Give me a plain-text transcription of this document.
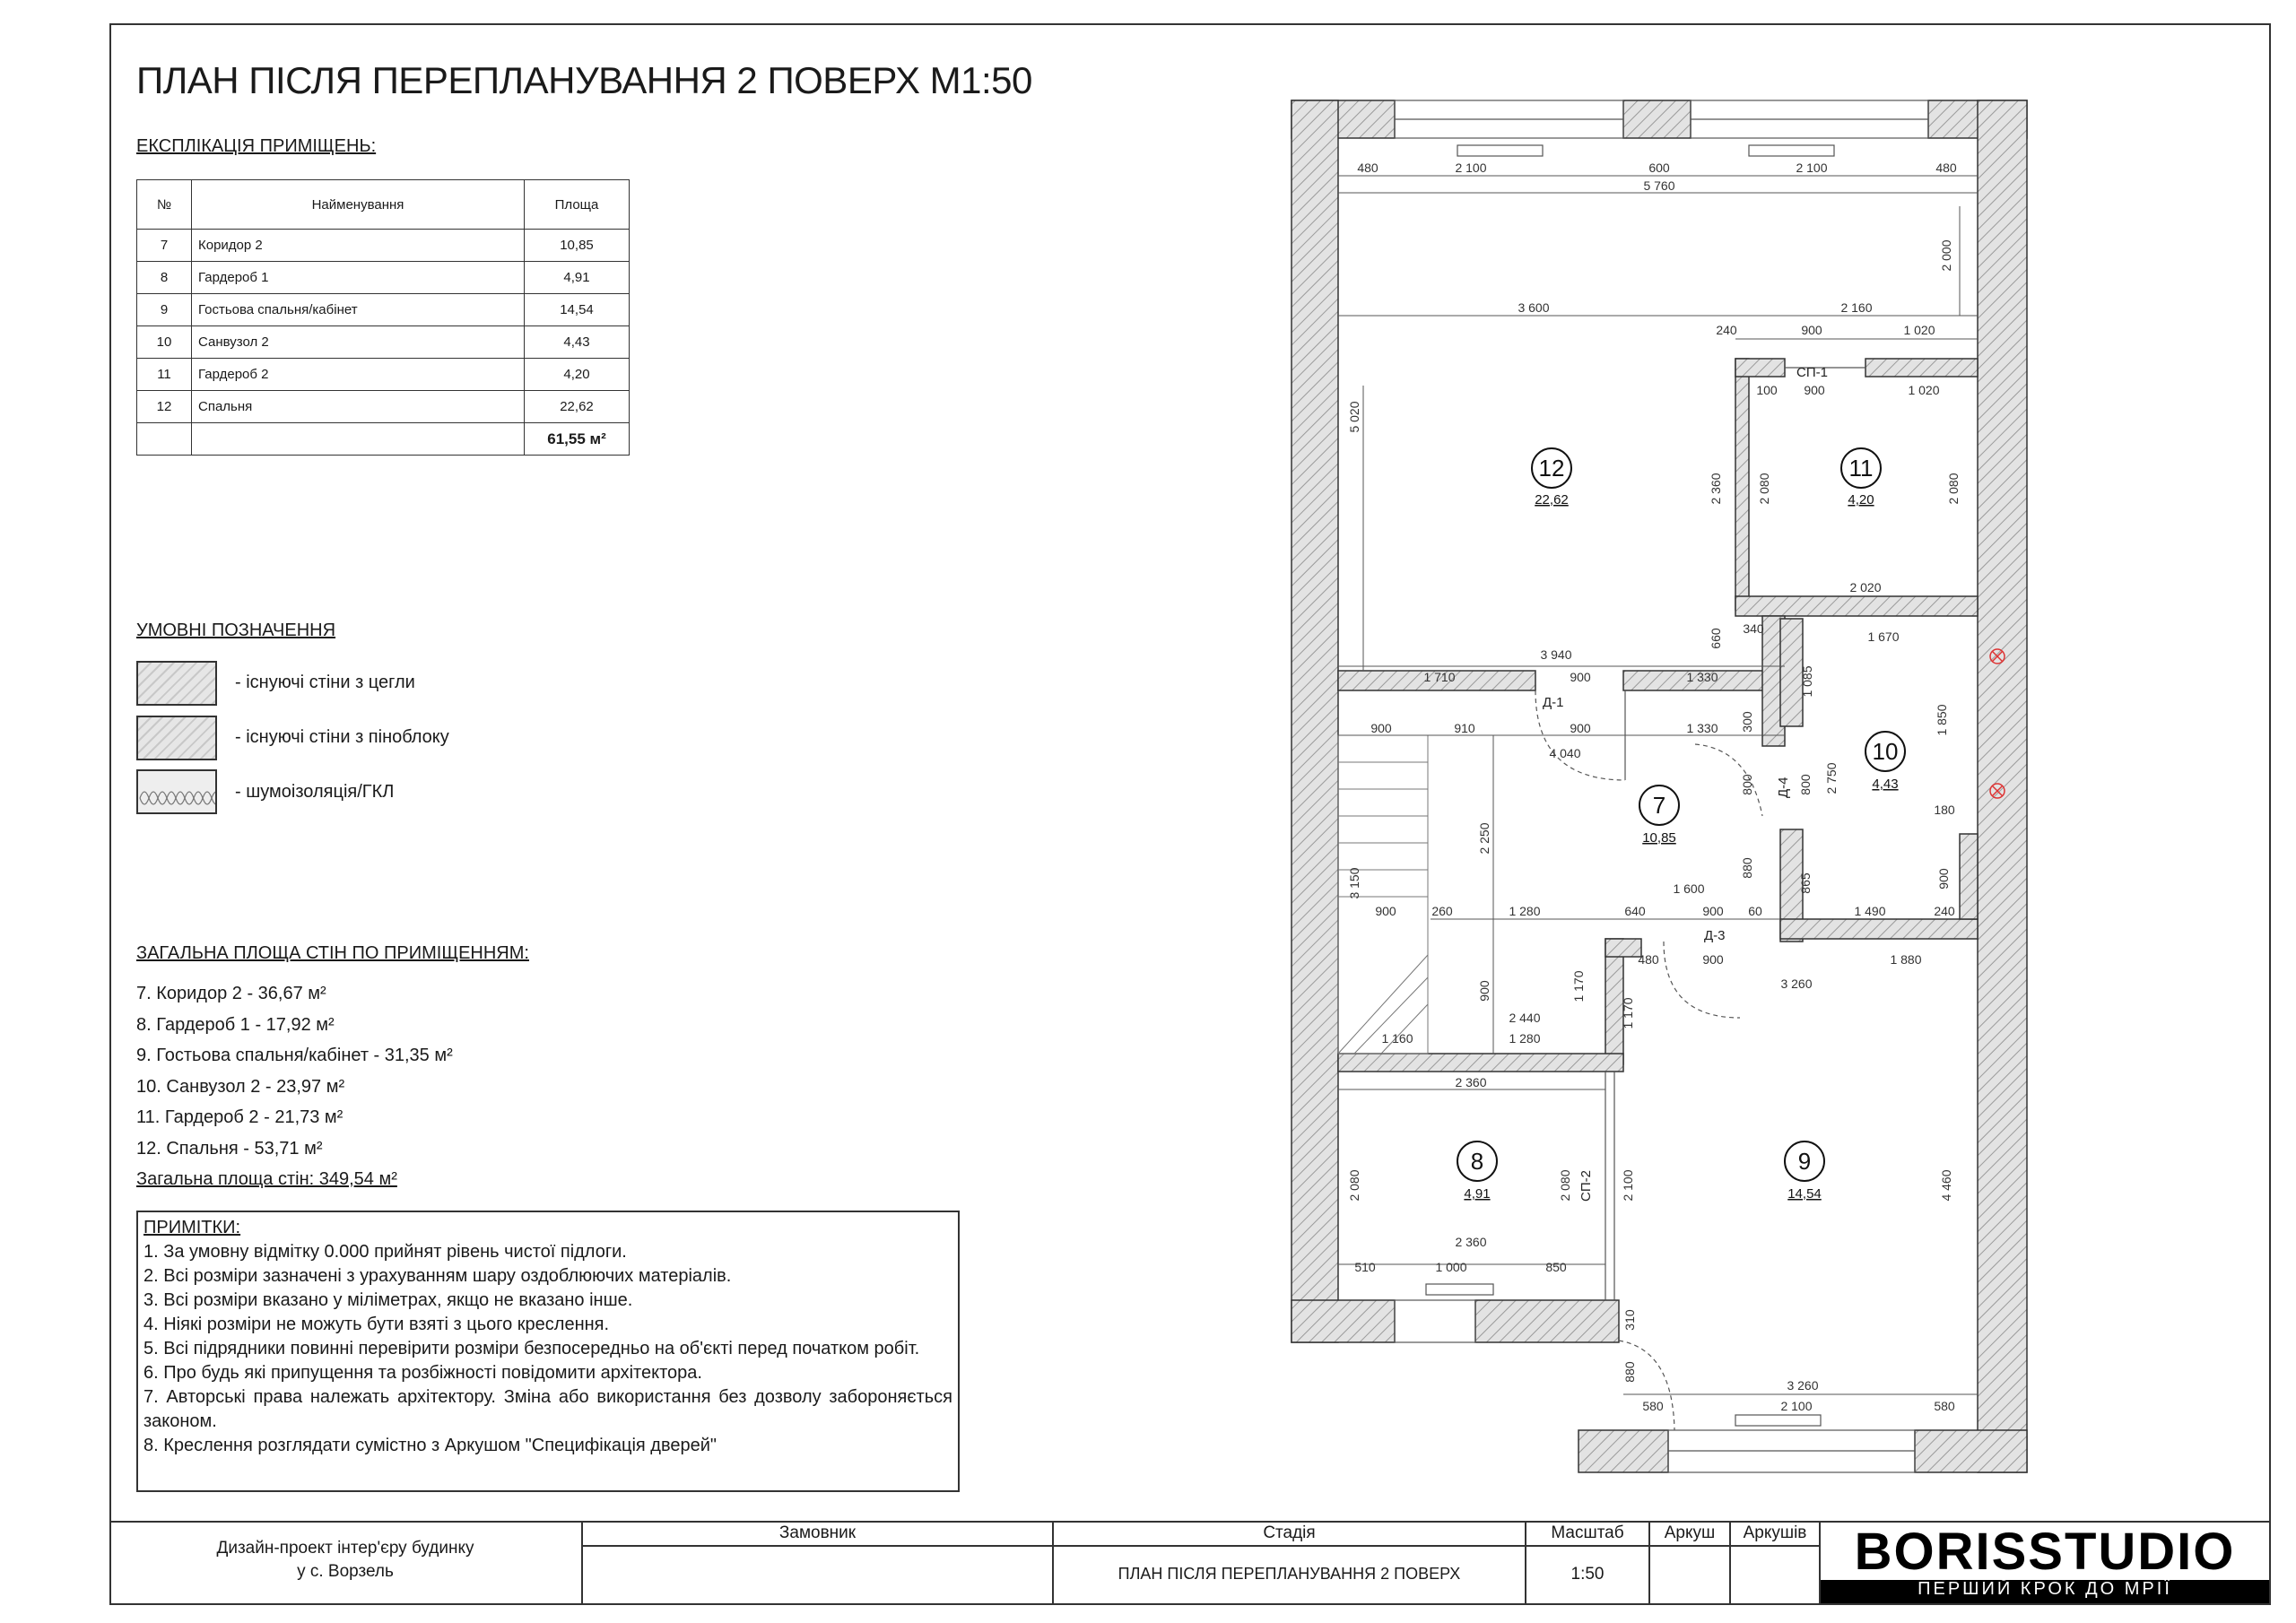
ПЛАН ПІСЛЯ ПЕРЕПЛАНУВАННЯ 2 ПОВЕРХ М1:50
ЕКСПЛІКАЦІЯ ПРИМІЩЕНЬ:
№	Найменування	Площа
7	Коридор 2	10,85
8	Гардероб 1	4,91
9	Гостьова спальня/кабінет	14,54
10	Санвузол 2	4,43
11	Гардероб 2	4,20
12	Спальня	22,62
		61,55 м²
УМОВНІ ПОЗНАЧЕННЯ
- існуючі стіни з цегли
- існуючі стіни з піноблоку
- шумоізоляція/ГКЛ
ЗАГАЛЬНА ПЛОЩА СТІН ПО ПРИМІЩЕННЯМ:
7. Коридор 2 - 36,67 м²
8. Гардероб 1 - 17,92 м²
9. Гостьова спальня/кабінет - 31,35 м²
10. Санвузол 2 - 23,97 м²
11. Гардероб 2 - 21,73 м²
12. Спальня - 53,71 м²
Загальна площа стін: 349,54 м²
ПРИМІТКИ:
1. За умовну відмітку 0.000 прийнят рівень чистої підлоги.
2. Всі розміри зазначені з урахуванням шару оздоблюючих матеріалів.
3. Всі розміри вказано у міліметрах, якщо не вказано інше.
4. Ніякі розміри не можуть бути взяті з цього креслення.
5. Всі підрядники повинні перевірити розміри безпосередньо на об'єкті перед початком робіт.
6. Про будь які припущення та розбіжності повідомити архітектора.
7. Авторські права належать архітектору. Зміна або використання без дозволу забороняється законом.
8. Креслення розглядати сумістно з Аркушом "Специфікація дверей"
Дизайн-проект інтер'єру будинку
у с. Ворзель
Замовник	Стадія	Масштаб	Аркуш	Аркушів
ПЛАН ПІСЛЯ ПЕРЕПЛАНУВАННЯ 2 ПОВЕРХ	1:50	BORISSTUDIO
ПЕРШИЙ КРОК ДО МРІЇ
12
22,62
11
4,20
10
4,43
7
10,85
8
4,91
9
14,54
Д-1
Д-3
Д-4
СП-1
СП-2
480	2 100	600	2 100	480
5 760
2 000
3 600	2 160
240	900	1 020
100 900	1 020
5 020
2 360	2 080	2 080
2 020
660 340
3 940
1 670
1 710	900	1 330	1 085
1 850
900	910	900	1 330 300
4 040
800	800 2 750
180
2 250
3 150	880
865	900
1 600
900	260	1 280	640	900 60	1 490	240
480	900	1 880
3 260
1 170
1 170
900
2 440
1 160	1 280
2 360
2 080	2 080	2 100	4 460
2 360
510	1 000	850
310
880
3 260
580	2 100	580
